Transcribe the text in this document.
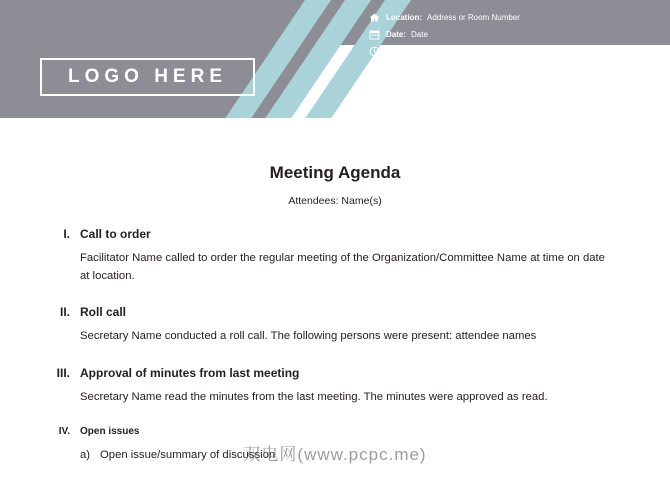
LOGO HERE
Location: Address or Room Number
Date: Date
Time: Time
Meeting Agenda
Attendees: Name(s)
I. Call to order
Facilitator Name called to order the regular meeting of the Organization/Committee Name at time on date at location.
II. Roll call
Secretary Name conducted a roll call. The following persons were present: attendee names
III. Approval of minutes from last meeting
Secretary Name read the minutes from the last meeting. The minutes were approved as read.
IV. Open issues
a) Open issue/summary of discussion
双电网(www.pcpc.me)
